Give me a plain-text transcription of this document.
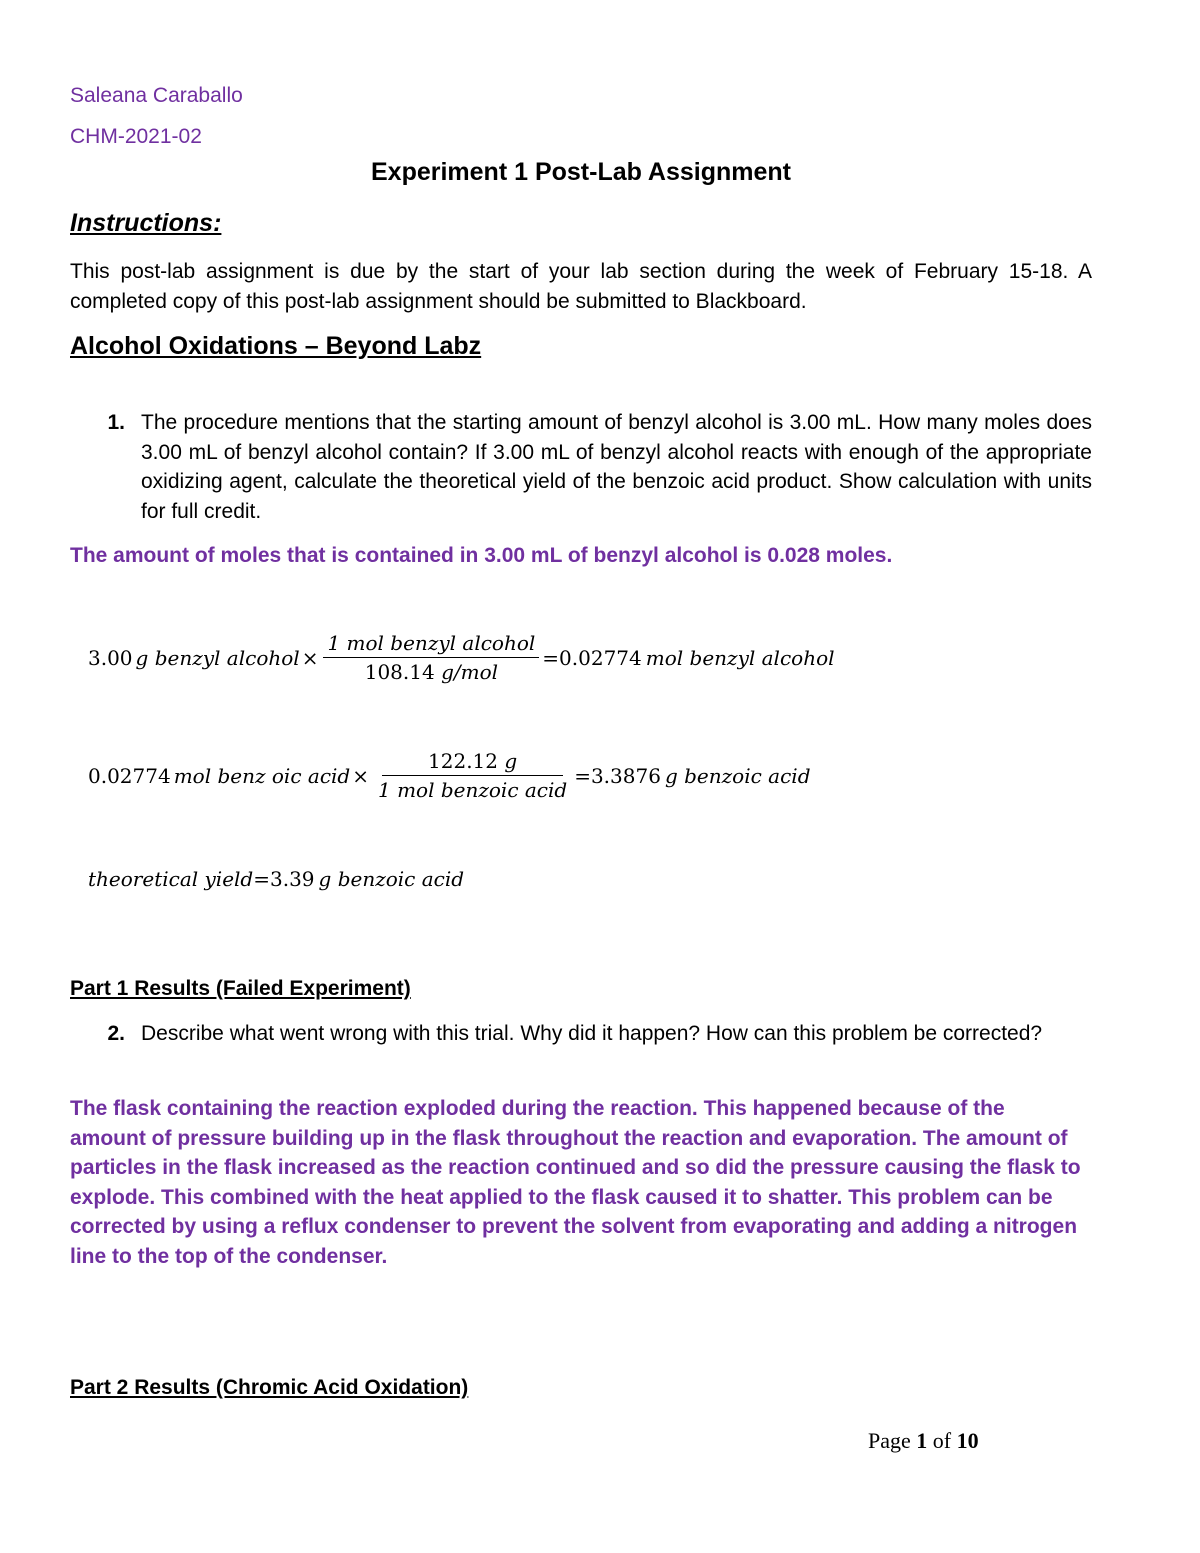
Saleana Caraballo
CHM-2021-02
Experiment 1 Post-Lab Assignment
Instructions:
This post-lab assignment is due by the start of your lab section during the week of February 15-18. A completed copy of this post-lab assignment should be submitted to Blackboard.
Alcohol Oxidations – Beyond Labz
1. The procedure mentions that the starting amount of benzyl alcohol is 3.00 mL. How many moles does 3.00 mL of benzyl alcohol contain? If 3.00 mL of benzyl alcohol reacts with enough of the appropriate oxidizing agent, calculate the theoretical yield of the benzoic acid product. Show calculation with units for full credit.
The amount of moles that is contained in 3.00 mL of benzyl alcohol is 0.028 moles.
3.00 g benzyl alcohol × $\frac{\text{1 mol benzyl alcohol}}{\text{108.14 g/mol}} =0.02774$ mol benzyl alcohol
0.02774 mol benz oic acid × $\frac{122.12 g}{\text{1 mol benzoic acid}} =3.3876$ g benzoic acid
theoretical yield =3.39 g benzoic acid
Part 1 Results (Failed Experiment)
2. Describe what went wrong with this trial. Why did it happen? How can this problem be corrected?
The flask containing the reaction exploded during the reaction. This happened because of the amount of pressure building up in the flask throughout the reaction and evaporation. The amount of particles in the flask increased as the reaction continued and so did the pressure causing the flask to explode. This combined with the heat applied to the flask caused it to shatter. This problem can be corrected by using a reflux condenser to prevent the solvent from evaporating and adding a nitrogen line to the top of the condenser.
Part 2 Results (Chromic Acid Oxidation)
Page 1 of 10
